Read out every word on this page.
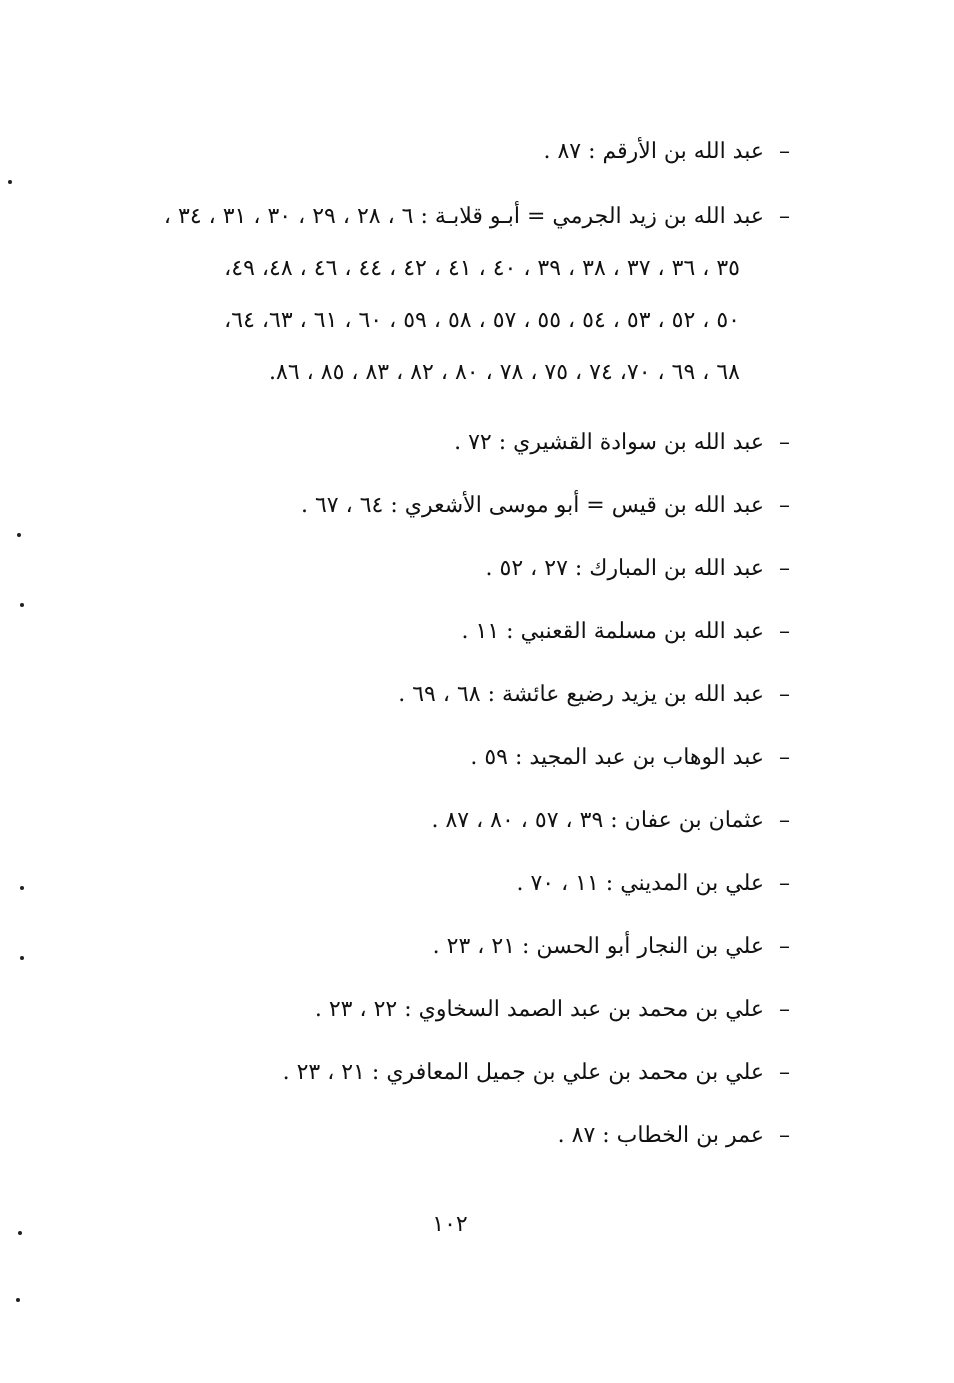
–
عبد الله بن الأرقم : ٨٧ .
–
عبد الله بن زيد الجرمي = أبـو قلابـة : ٦ ، ٢٨ ، ٢٩ ، ٣٠ ، ٣١ ، ٣٤ ،
٣٥ ، ٣٦ ، ٣٧ ، ٣٨ ، ٣٩ ، ٤٠ ، ٤١ ، ٤٢ ، ٤٤ ، ٤٦ ، ٤٨، ٤٩،
٥٠ ، ٥٢ ، ٥٣ ، ٥٤ ، ٥٥ ، ٥٧ ، ٥٨ ، ٥٩ ، ٦٠ ، ٦١ ، ٦٣، ٦٤،
٦٨ ، ٦٩ ، ٧٠، ٧٤ ، ٧٥ ، ٧٨ ، ٨٠ ، ٨٢ ، ٨٣ ، ٨٥ ، ٨٦.
–
عبد الله بن سوادة القشيري : ٧٢ .
–
عبد الله بن قيس = أبو موسى الأشعري : ٦٤ ، ٦٧ .
–
عبد الله بن المبارك : ٢٧ ، ٥٢ .
–
عبد الله بن مسلمة القعنبي : ١١ .
–
عبد الله بن يزيد رضيع عائشة : ٦٨ ، ٦٩ .
–
عبد الوهاب بن عبد المجيد : ٥٩ .
–
عثمان بن عفان : ٣٩ ، ٥٧ ، ٨٠ ، ٨٧ .
–
علي بن المديني : ١١ ، ٧٠ .
–
علي بن النجار أبو الحسن : ٢١ ، ٢٣ .
–
علي بن محمد بن عبد الصمد السخاوي : ٢٢ ، ٢٣ .
–
علي بن محمد بن علي بن جميل المعافري : ٢١ ، ٢٣ .
–
عمر بن الخطاب : ٨٧ .
١٠٢
